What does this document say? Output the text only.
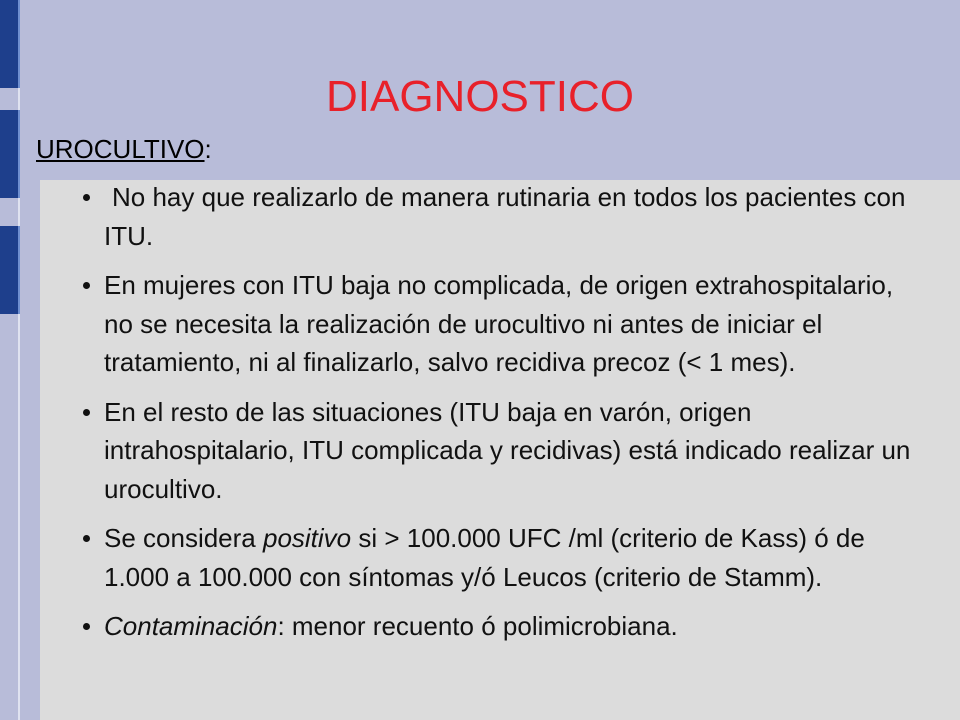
DIAGNOSTICO
UROCULTIVO:
No hay que realizarlo de manera rutinaria en todos los pacientes con ITU.
En mujeres con ITU baja no complicada, de origen extrahospitalario, no se necesita la realización de urocultivo ni antes de iniciar el tratamiento, ni al finalizarlo, salvo recidiva precoz (< 1 mes).
En el resto de las situaciones (ITU baja en varón, origen intrahospitalario, ITU complicada y recidivas) está indicado realizar un urocultivo.
Se considera positivo si > 100.000 UFC /ml (criterio de Kass) ó de 1.000 a 100.000 con síntomas y/ó Leucos (criterio de Stamm).
Contaminación: menor recuento ó polimicrobiana.
